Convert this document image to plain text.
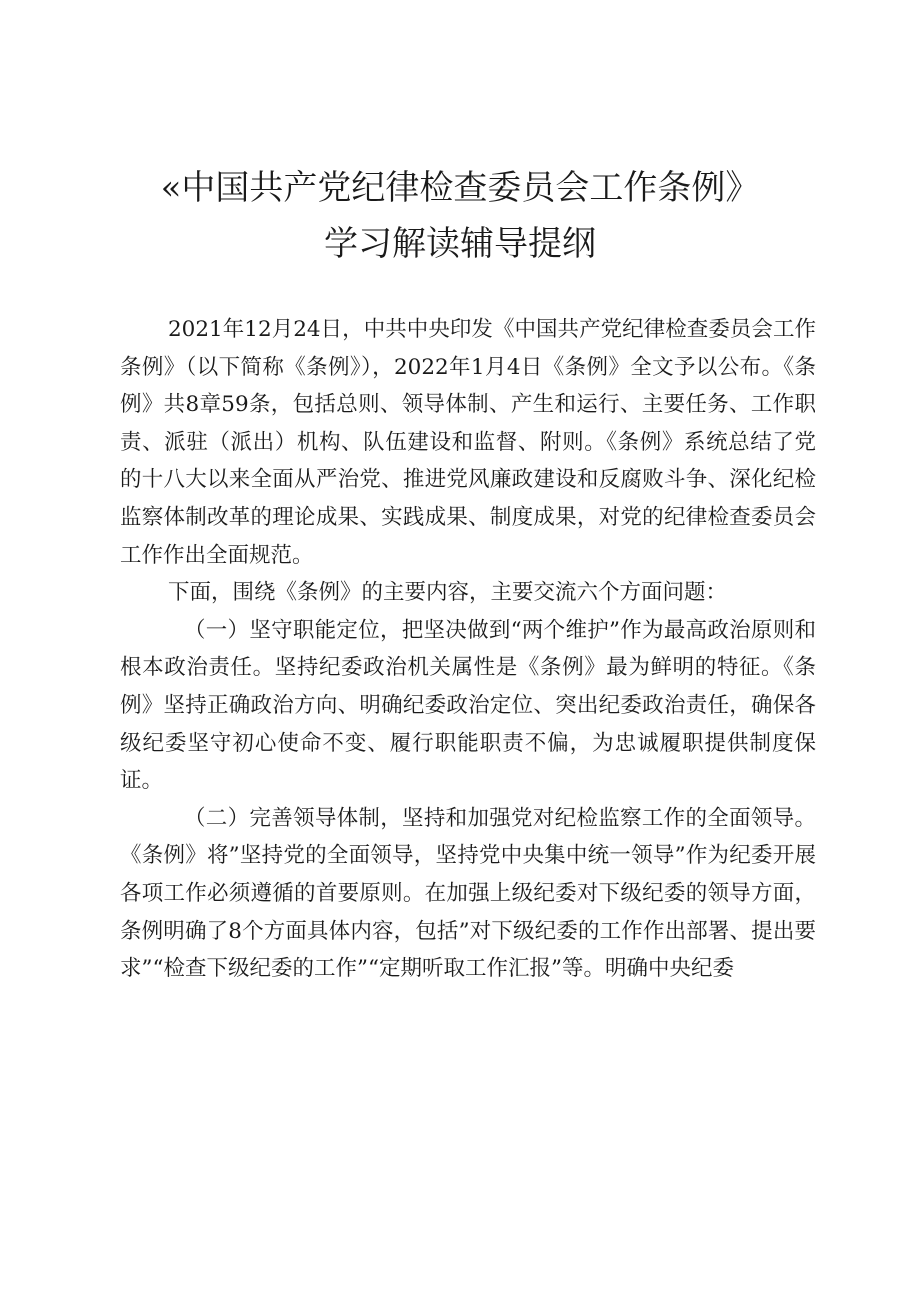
«中国共产党纪律检查委员会工作条例》
学习解读辅导提纲

2021年12月24日，中共中央印发《中国共产党纪律检查委员会工作条例》（以下简称《条例》），2022年1月4日《条例》全文予以公布。《条例》共8章59条，包括总则、领导体制、产生和运行、主要任务、工作职责、派驻（派出）机构、队伍建设和监督、附则。《条例》系统总结了党的十八大以来全面从严治党、推进党风廉政建设和反腐败斗争、深化纪检监察体制改革的理论成果、实践成果、制度成果，对党的纪律检查委员会工作作出全面规范。

下面，围绕《条例》的主要内容，主要交流六个方面问题：

（一）坚守职能定位，把坚决做到“两个维护”作为最高政治原则和根本政治责任。坚持纪委政治机关属性是《条例》最为鲜明的特征。《条例》坚持正确政治方向、明确纪委政治定位、突出纪委政治责任，确保各级纪委坚守初心使命不变、履行职能职责不偏，为忠诚履职提供制度保证。

（二）完善领导体制，坚持和加强党对纪检监察工作的全面领导。《条例》将”坚持党的全面领导，坚持党中央集中统一领导”作为纪委开展各项工作必须遵循的首要原则。在加强上级纪委对下级纪委的领导方面，条例明确了8个方面具体内容，包括”对下级纪委的工作作出部署、提出要求”“检查下级纪委的工作”“定期听取工作汇报”等。明确中央纪委
